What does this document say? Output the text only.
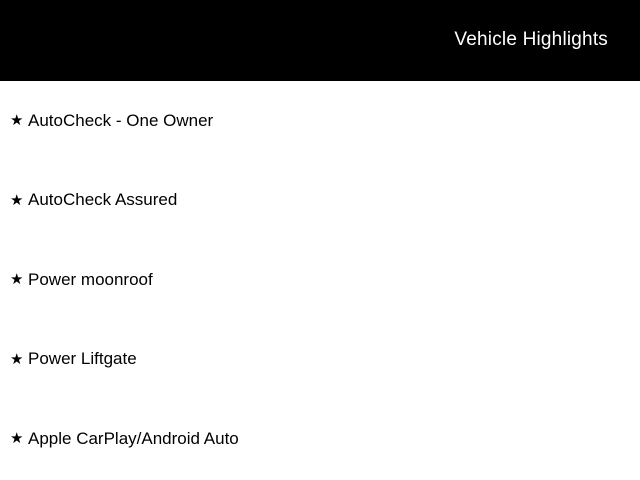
Vehicle Highlights
★ AutoCheck - One Owner
★ AutoCheck Assured
★ Power moonroof
★ Power Liftgate
★ Apple CarPlay/Android Auto
